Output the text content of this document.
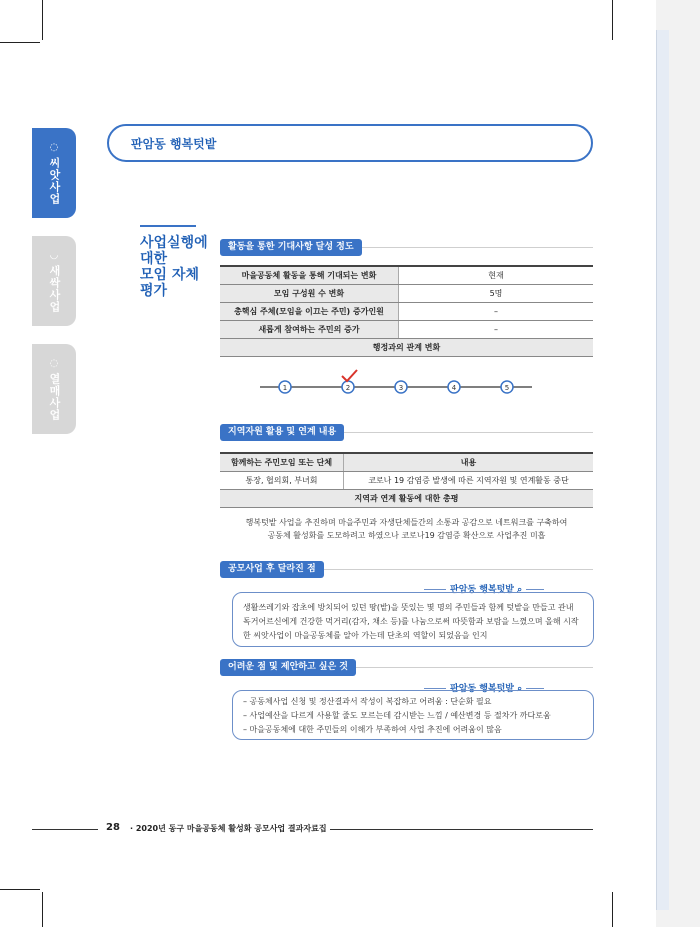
◌
씨앗사업
◡
새싹사업
◌
열매사업
판암동 행복텃밭
사업실행에
대한
모임 자체
평가
활동을 통한 기대사항 달성 정도
마을공동체 활동을 통해 기대되는 변화	현재
모임 구성원 수 변화	5명
총핵심 주체(모임을 이끄는 주민) 증가인원	–
새롭게 참여하는 주민의 증가	–
행정과의 관계 변화	
1	2	3	4	5
지역자원 활용 및 연계 내용
함께하는 주민모임 또는 단체	내용
통장, 협의회, 부녀회	코로나 19 감염증 발생에 따른 지역자원 및 연계활동 중단
지역과 연계 활동에 대한 총평	
행복텃밭 사업을 추진하며 마을주민과 자생단체들간의 소통과 공감으로 네트워크를 구축하여
공동체 활성화를 도모하려고 하였으나 코로나19 감염증 확산으로 사업추진 미흡
공모사업 후 달라진 점
판암동 행복텃밭 ⌕
생활쓰레기와 잡초에 방치되어 있던 땅(밭)을 뜻있는 몇 명의 주민들과 함께 텃밭을 만들고 관내
독거어르신에게 건강한 먹거리(감자, 채소 등)를 나눔으로써 따뜻함과 보람을 느꼈으며 올해 시작
한 씨앗사업이 마을공동체를 알아 가는데 단초의 역할이 되었음을 인지
어려운 점 및 제안하고 싶은 것
판암동 행복텃밭 ⌕
– 공동체사업 신청 및 정산결과서 작성이 복잡하고 어려움 : 단순화 필요
– 사업예산을 다르게 사용할 줄도 모르는데 감시받는 느낌 / 예산변경 등 절차가 까다로움
– 마을공동체에 대한 주민들의 이해가 부족하여 사업 추진에 어려움이 많음
28 · 2020년 동구 마을공동체 활성화 공모사업 결과자료집
